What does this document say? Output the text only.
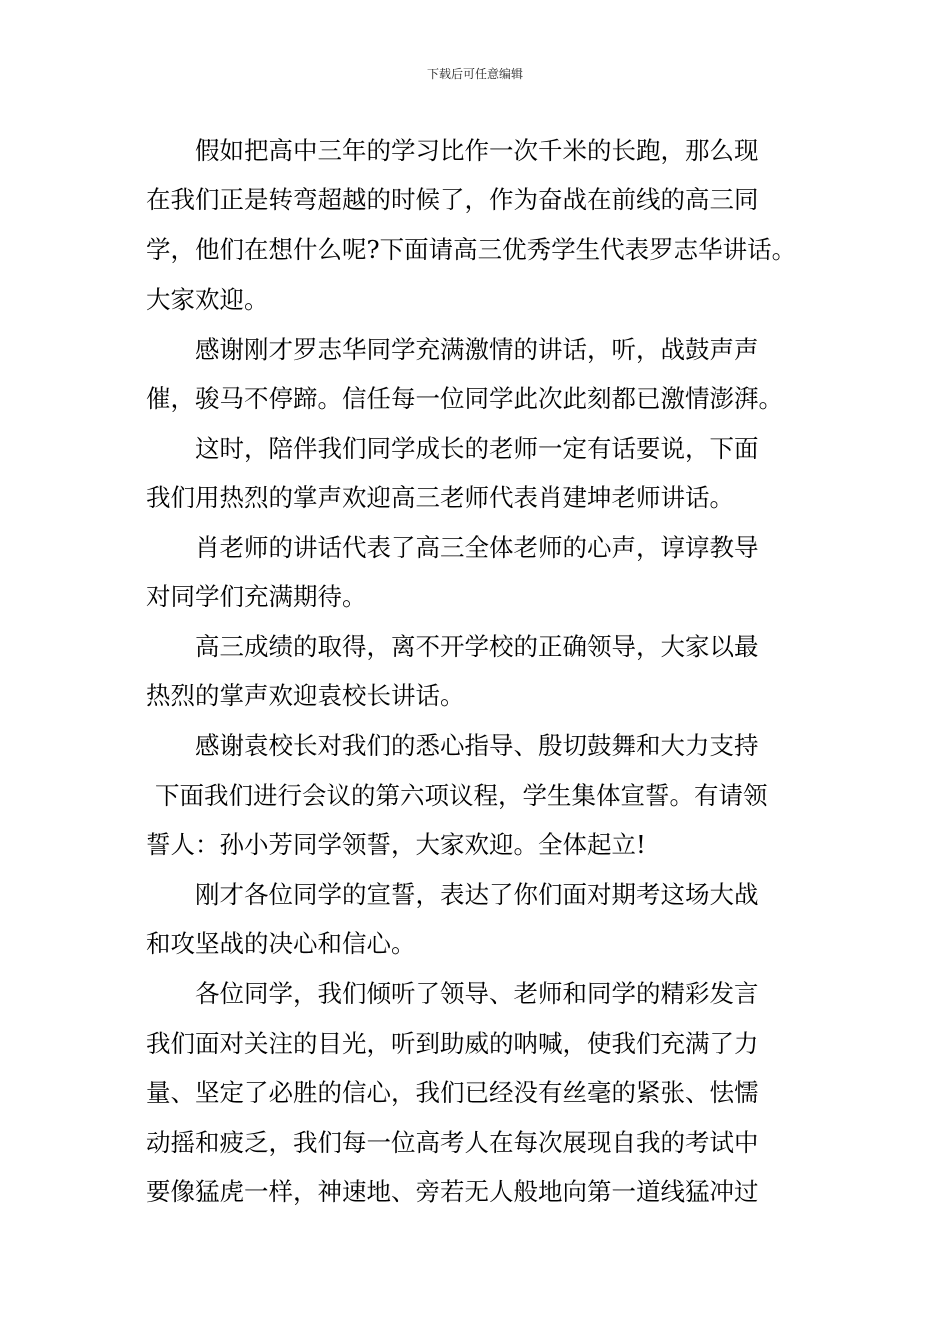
下载后可任意编辑
假如把高中三年的学习比作一次千米的长跑，那么现
在我们正是转弯超越的时候了，作为奋战在前线的高三同
学，他们在想什么呢?下面请高三优秀学生代表罗志华讲话。
大家欢迎。
感谢刚才罗志华同学充满激情的讲话，听，战鼓声声
催，骏马不停蹄。信任每一位同学此次此刻都已激情澎湃。
这时，陪伴我们同学成长的老师一定有话要说，下面
我们用热烈的掌声欢迎高三老师代表肖建坤老师讲话。
肖老师的讲话代表了高三全体老师的心声，谆谆教导
对同学们充满期待。
高三成绩的取得，离不开学校的正确领导，大家以最
热烈的掌声欢迎袁校长讲话。
感谢袁校长对我们的悉心指导、殷切鼓舞和大力支持
下面我们进行会议的第六项议程，学生集体宣誓。有请领
誓人：孙小芳同学领誓，大家欢迎。全体起立!
刚才各位同学的宣誓，表达了你们面对期考这场大战
和攻坚战的决心和信心。
各位同学，我们倾听了领导、老师和同学的精彩发言
我们面对关注的目光，听到助威的呐喊，使我们充满了力
量、坚定了必胜的信心，我们已经没有丝毫的紧张、怯懦
动摇和疲乏，我们每一位高考人在每次展现自我的考试中
要像猛虎一样，神速地、旁若无人般地向第一道线猛冲过
